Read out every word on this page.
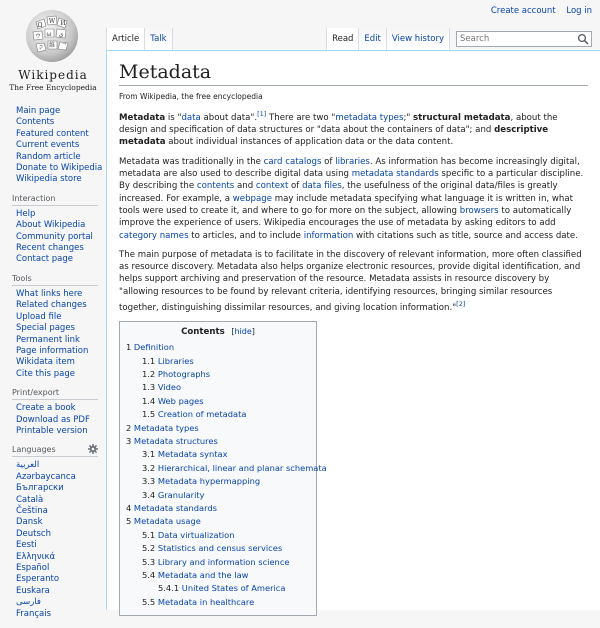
Create account Log in
Ω
W И
ウ ω ي
ק 維 ᄀ
Wikipedia
The Free Encyclopedia
Article	Talk	Read	Edit	View history
Search
Main page
Contents
Featured content
Current events
Random article
Donate to Wikipedia
Wikipedia store
Interaction
Help
About Wikipedia
Community portal
Recent changes
Contact page
Tools
What links here
Related changes
Upload file
Special pages
Permanent link
Page information
Wikidata item
Cite this page
Print/export
Create a book
Download as PDF
Printable version
Languages
العربية
Azərbaycanca
Български
Català
Čeština
Dansk
Deutsch
Eesti
Ελληνικά
Español
Esperanto
Euskara
فارسی
Français
Metadata
From Wikipedia, the free encyclopedia

Metadata is "data about data".[1] There are two "metadata types;" structural metadata, about the design and specification of data structures or "data about the containers of data"; and descriptive metadata about individual instances of application data or the data content.

Metadata was traditionally in the card catalogs of libraries. As information has become increasingly digital, metadata are also used to describe digital data using metadata standards specific to a particular discipline. By describing the contents and context of data files, the usefulness of the original data/files is greatly increased. For example, a webpage may include metadata specifying what language it is written in, what tools were used to create it, and where to go for more on the subject, allowing browsers to automatically improve the experience of users. Wikipedia encourages the use of metadata by asking editors to add category names to articles, and to include information with citations such as title, source and access date.

The main purpose of metadata is to facilitate in the discovery of relevant information, more often classified as resource discovery. Metadata also helps organize electronic resources, provide digital identification, and helps support archiving and preservation of the resource. Metadata assists in resource discovery by "allowing resources to be found by relevant criteria, identifying resources, bringing similar resources together, distinguishing dissimilar resources, and giving location information."[2]

Contents [hide]
1 Definition
1.1 Libraries
1.2 Photographs
1.3 Video
1.4 Web pages
1.5 Creation of metadata
2 Metadata types
3 Metadata structures
3.1 Metadata syntax
3.2 Hierarchical, linear and planar schemata
3.3 Metadata hypermapping
3.4 Granularity
4 Metadata standards
5 Metadata usage
5.1 Data virtualization
5.2 Statistics and census services
5.3 Library and information science
5.4 Metadata and the law
5.4.1 United States of America
5.5 Metadata in healthcare
